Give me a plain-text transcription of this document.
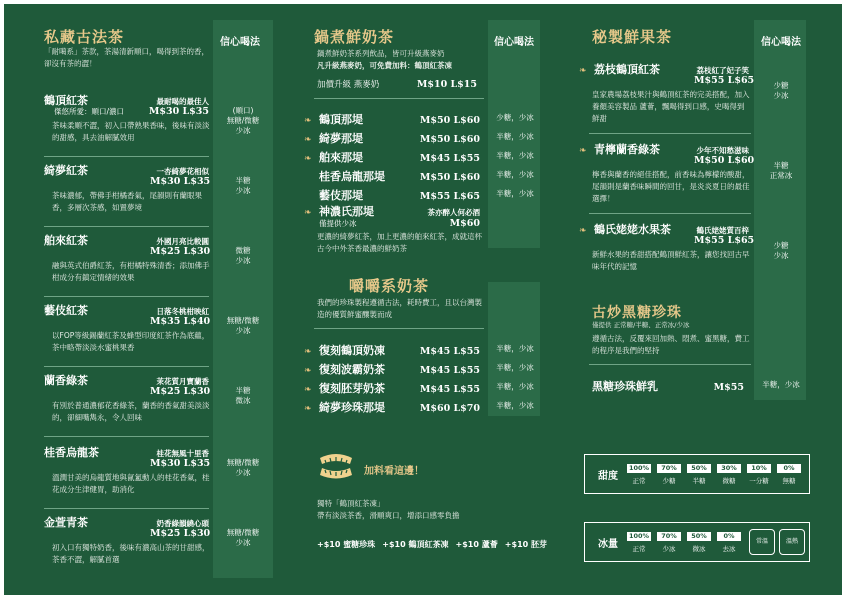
私藏古法茶	信心喝法
「耐噶系」茶款，茶湯清新順口，喝得到茶的香，卻沒有茶的澀！
鶴頂紅茶	最耐喝的最佳人
傑悠所愛：順口/濃口	M$30 L$35
茶味柔順不澀，初入口帶熟果香味，後味有淡淡的甜感，具去油解膩效用
(順口)
無糖/微糖
少冰
綺夢紅茶	一杏綺夢花相似
M$30 L$35
茶味濃郁，帶佛手柑橘香氣，尾韻則有蘭眼果香，多層次茶感，如置夢境
半糖
少冰
舶來紅茶	外國月亮比較圓
M$25 L$30
融與英式伯爵紅茶，有柑橘特殊清香；添加佛手柑成分有鎮定情緒的效果
微糖
少冰
藝伎紅茶	日落冬桃柑映紅
M$35 L$40
以FOP等級錫蘭紅茶及蜂型印度紅茶作為底蘊，茶中略帶淡淡水蜜桃果香
無糖/微糖
少冰
蘭香綠茶	茉花質月寶蘭香
M$25 L$30
有別於普通濃郁花香綠茶，蘭香的香氣甜美淡淡的，卻細嘴雋永，令人回味
半糖
微冰
桂香烏龍茶	桂花無風十里香
M$30 L$35
溫潤甘美的烏龍質地與氤氳動人的桂花香氣，桂花成分生津健胃，助消化
無糖/微糖
少冰
金萱青茶	奶香綠韻繞心頭
M$25 L$30
初入口有獨特奶香，後味有濃高山茶的甘甜感，茶香不澀，解膩首選
無糖/微糖
少冰
鍋煮鮮奶茶	信心喝法
鍋煮鮮奶茶系列飲品，皆可升級燕麥奶
凡升級燕麥奶，可免費加料：鶴頂紅茶凍
加價升級 燕麥奶	M$10 L$15
❧ 鶴頂那堤	M$50 L$60	少糖，少冰
❧ 綺夢那堤	M$50 L$60	半糖，少冰
❧ 舶來那堤	M$45 L$55	半糖，少冰
桂香烏龍那堤	M$50 L$60	半糖，少冰
藝伎那堤	M$55 L$65	半糖，少冰
❧ 神濃氏那堤	茶亦醉人何必酒
僅提供少冰	M$60
更濃的綺夢紅茶，加上更濃的舶來紅茶，成就這杯古今中外茶香最濃的鮮奶茶
嚼嚼系奶茶
我們的珍珠製程遵循古法，耗時費工，且以台灣製造的優質鮮蜜釀製而成
❧ 復刻鶴頂奶凍	M$45 L$55	半糖，少冰
❧ 復刻波霸奶茶	M$45 L$55	半糖，少冰
❧ 復刻胚芽奶茶	M$45 L$55	半糖，少冰
❧ 綺夢珍珠那堤	M$60 L$70	半糖，少冰
加料看這邊！
獨特「鶴頂紅茶凍」
帶有淡淡茶香，滑順爽口，增添口感零負擔
+$10 蜜糖珍珠 +$10 鶴頂紅茶凍 +$10 蘆薈 +$10 胚芽
秘製鮮果茶	信心喝法
❧ 荔枝鶴頂紅茶	荔枝紅了妃子笑
M$55 L$65
皇家農場荔枝果汁與鶴頂紅茶的完美搭配，加入養顏美容製品 蘆薈，飄喝得到口感，史喝得到鮮甜
少糖
少冰
❧ 青檸蘭香綠茶	少年不知愁滋味
M$50 L$60
檸香與蘭香的絕佳搭配，前香味為檸檬的酸甜，尾韻則是蘭香味瞬間的回甘，是炎炎夏日的最佳選擇！
半糖
正常冰
❧ 鶴氏姥姥水果茶	鶴氏姥姥質百梓
M$55 L$65
新鮮水果的香甜搭配鶴頂鮮紅茶，讓您找回古早味年代的記憶
少糖
少冰
古炒黑糖珍珠
僅提供 正常糖/半糖、正常冰/少冰
遵循古法，反覆來回加熱、悶煮、蜜黑糖，費工的程序是我們的堅持
黑糖珍珠鮮乳	M$55	半糖，少冰
甜度
100%
正常
70%
少糖
50%
半糖
30%
微糖
10%
一分糖
0%
無糖
冰量
100%
正常
70%
少冰
50%
微冰
0%
去冰
常溫	溫熱
